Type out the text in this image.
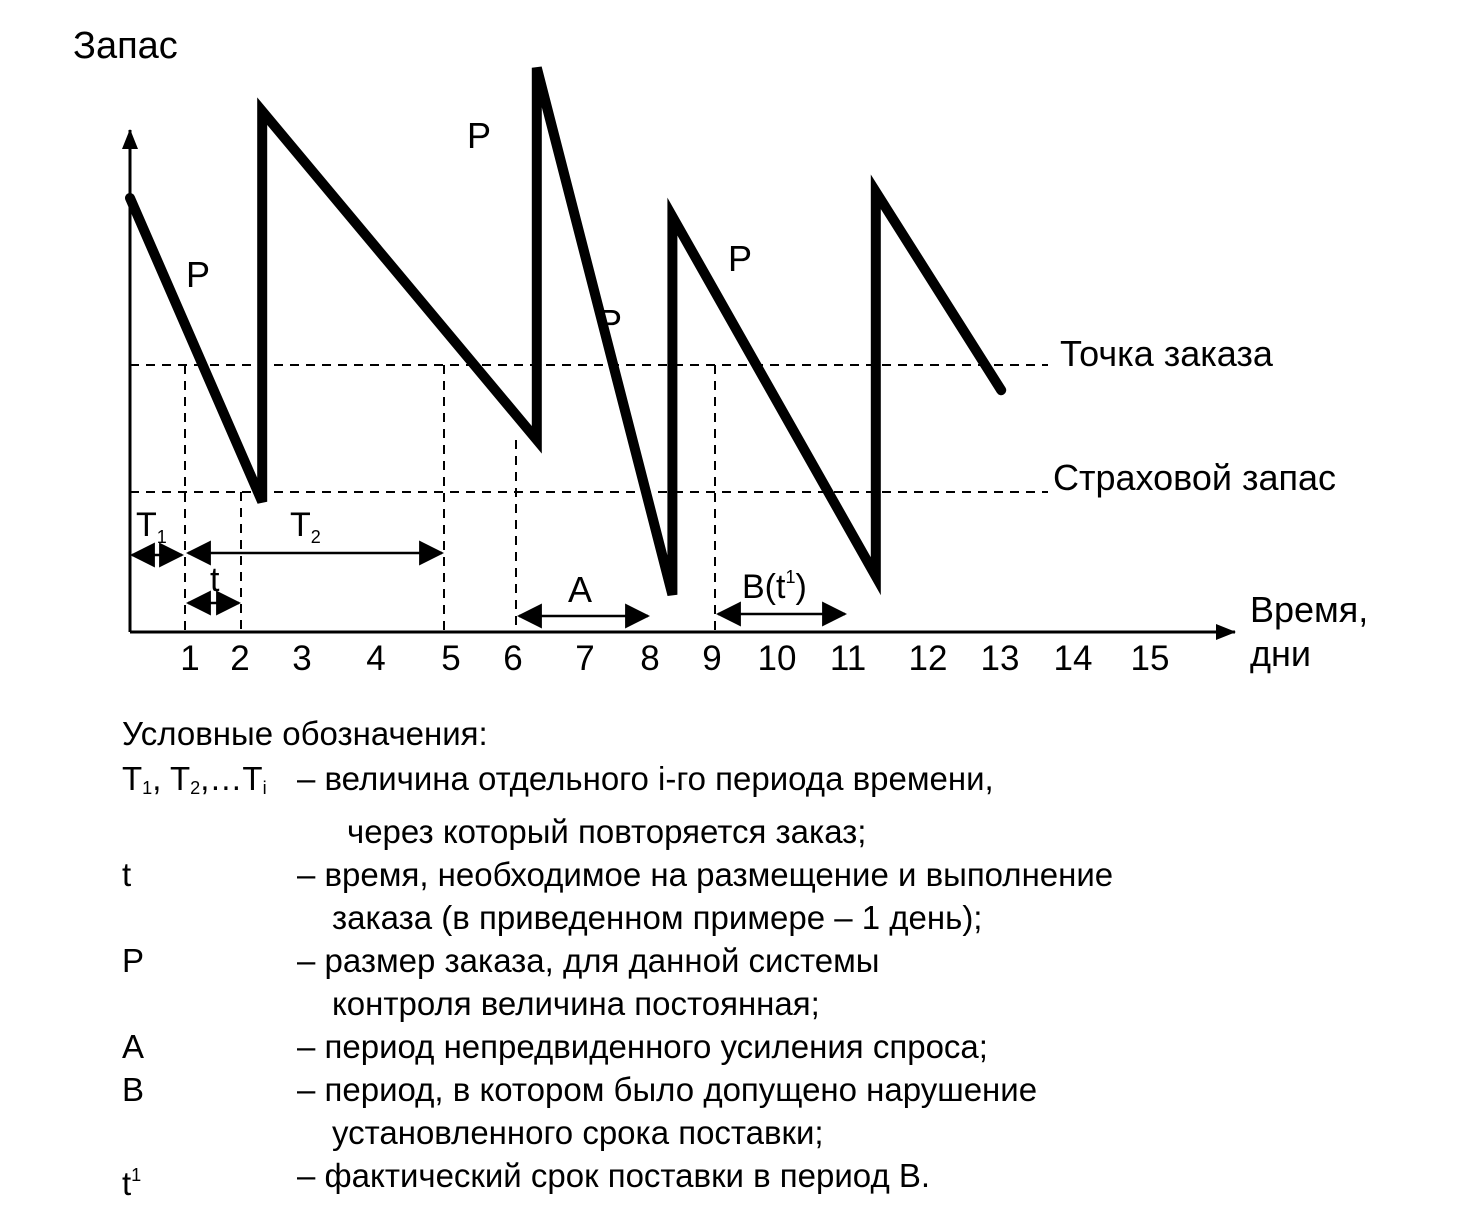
Запас
Время,
дни
1 2 3 4 5 6 7 8 9 10 11 12 13 14 15
Точка заказа
Страховой запас
P
P
P
P
$T_1$	$T_2$
t	A	$B(t^1)$
Условные обозначения:
$T_1$, $T_2,\dots T_i$ – величина отдельного i-го периода времени,
через который повторяется заказ;
t	– время, необходимое на размещение и выполнение
заказа (в приведенном примере – 1 день);
P	– размер заказа, для данной системы
контроля величина постоянная;
A	– период непредвиденного усиления спроса;
B	– период, в котором было допущено нарушение
установленного срока поставки;
$t^1$	– фактический срок поставки в период B.
